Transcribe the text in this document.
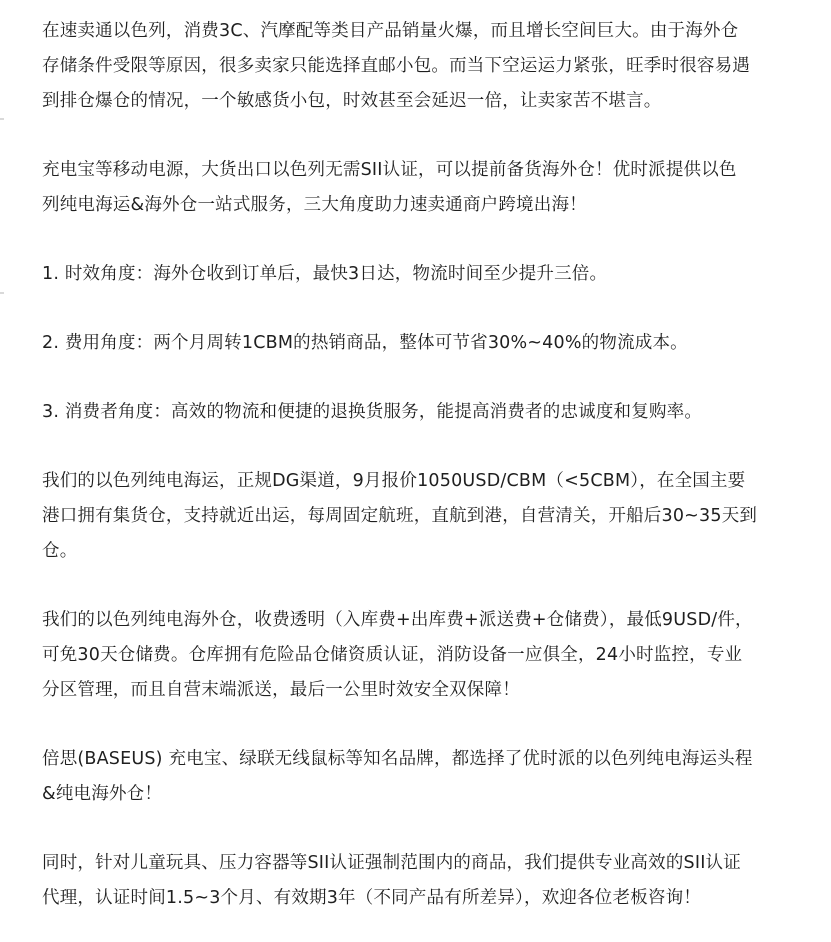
在速卖通以色列，消费3C、汽摩配等类目产品销量火爆，而且增长空间巨大。由于海外仓
存储条件受限等原因，很多卖家只能选择直邮小包。而当下空运运力紧张，旺季时很容易遇
到排仓爆仓的情况，一个敏感货小包，时效甚至会延迟一倍，让卖家苦不堪言。

充电宝等移动电源，大货出口以色列无需SII认证，可以提前备货海外仓！优时派提供以色
列纯电海运&海外仓一站式服务，三大角度助力速卖通商户跨境出海！

1. 时效角度：海外仓收到订单后，最快3日达，物流时间至少提升三倍。

2. 费用角度：两个月周转1CBM的热销商品，整体可节省30%~40%的物流成本。

3. 消费者角度：高效的物流和便捷的退换货服务，能提高消费者的忠诚度和复购率。

我们的以色列纯电海运，正规DG渠道，9月报价1050USD/CBM（<5CBM），在全国主要
港口拥有集货仓，支持就近出运，每周固定航班，直航到港，自营清关，开船后30~35天到
仓。

我们的以色列纯电海外仓，收费透明（入库费+出库费+派送费+仓储费），最低9USD/件，
可免30天仓储费。仓库拥有危险品仓储资质认证，消防设备一应俱全，24小时监控，专业
分区管理，而且自营末端派送，最后一公里时效安全双保障！

倍思(BASEUS) 充电宝、绿联无线鼠标等知名品牌，都选择了优时派的以色列纯电海运头程
&纯电海外仓！

同时，针对儿童玩具、压力容器等SII认证强制范围内的商品，我们提供专业高效的SII认证
代理，认证时间1.5~3个月、有效期3年（不同产品有所差异），欢迎各位老板咨询！
